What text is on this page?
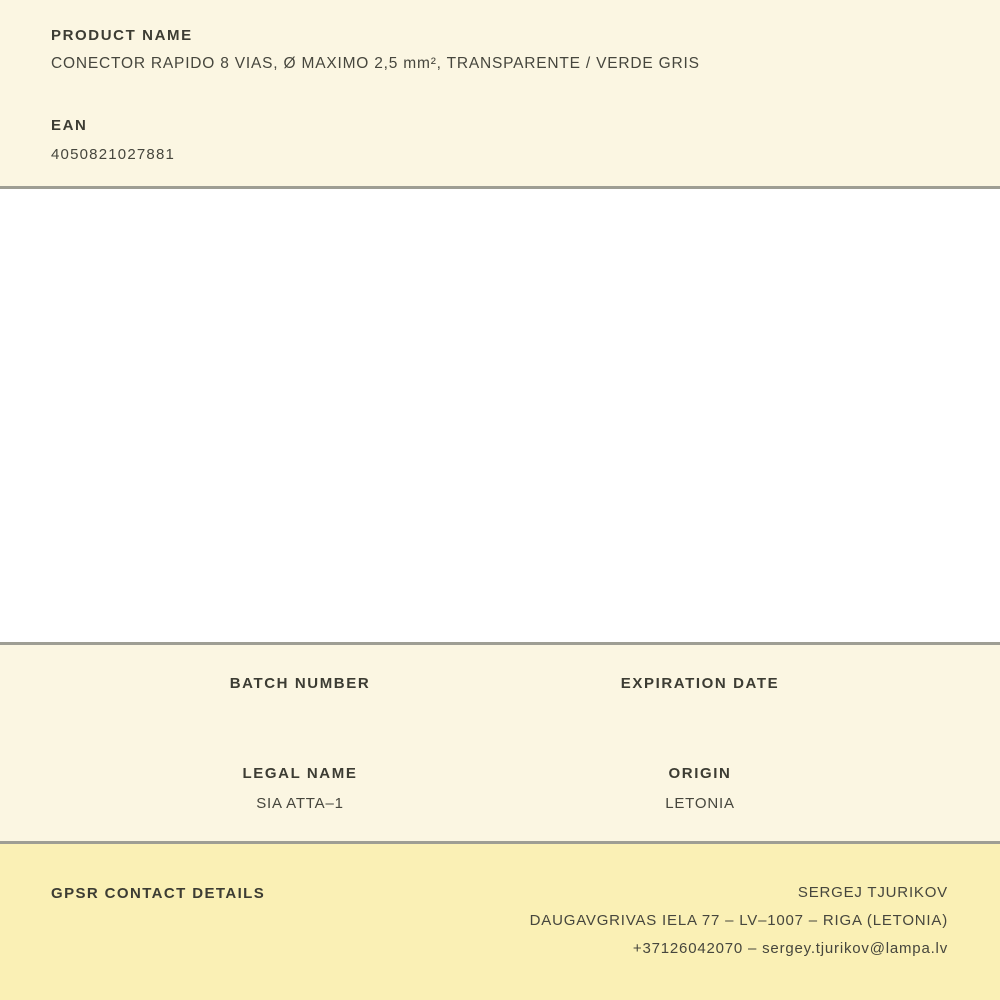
PRODUCT NAME
CONECTOR RAPIDO 8 VIAS, Ø MAXIMO 2,5 mm², TRANSPARENTE / VERDE GRIS
EAN
4050821027881
BATCH NUMBER
LEGAL NAME
SIA ATTA–1
EXPIRATION DATE
ORIGIN
LETONIA
GPSR CONTACT DETAILS	SERGEJ TJURIKOV
DAUGAVGRIVAS IELA 77 – LV–1007 – RIGA (LETONIA)
+37126042070 – sergey.tjurikov@lampa.lv
